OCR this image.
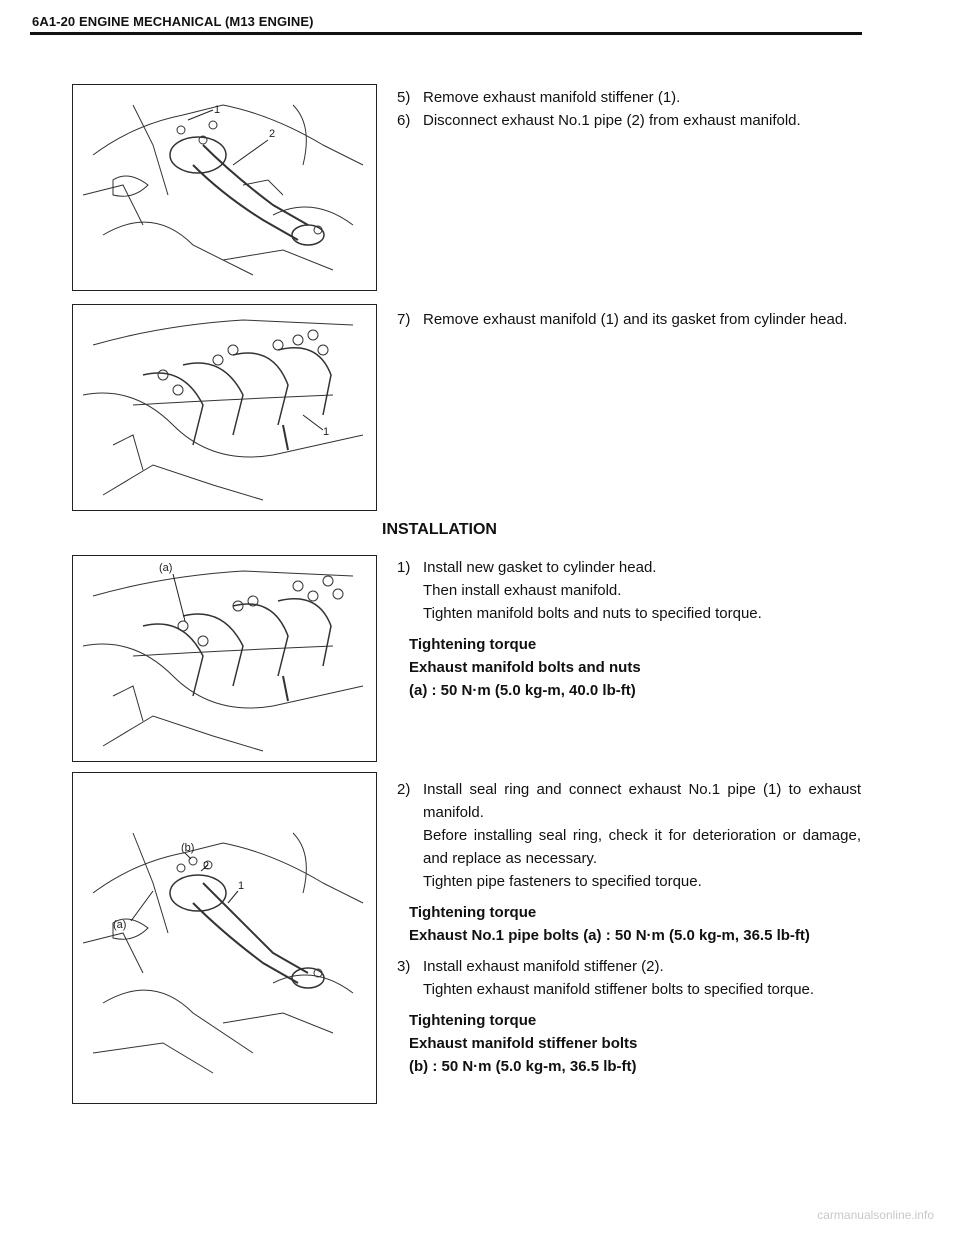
6A1-20 ENGINE MECHANICAL (M13 ENGINE)
1
2
1
(a)
(b)
2
1
(a)
5) Remove exhaust manifold stiffener (1).
6) Disconnect exhaust No.1 pipe (2) from exhaust manifold.
7) Remove exhaust manifold (1) and its gasket from cylinder head.
INSTALLATION
1) Install new gasket to cylinder head.
Then install exhaust manifold.
Tighten manifold bolts and nuts to specified torque.
Tightening torque
Exhaust manifold bolts and nuts
(a) : 50 N·m (5.0 kg-m, 40.0 lb-ft)
2) Install seal ring and connect exhaust No.1 pipe (1) to exhaust manifold.
Before installing seal ring, check it for deterioration or damage, and replace as necessary.
Tighten pipe fasteners to specified torque.
Tightening torque
Exhaust No.1 pipe bolts (a) : 50 N·m (5.0 kg-m, 36.5 lb-ft)
3) Install exhaust manifold stiffener (2).
Tighten exhaust manifold stiffener bolts to specified torque.
Tightening torque
Exhaust manifold stiffener bolts
(b) : 50 N·m (5.0 kg-m, 36.5 lb-ft)
carmanualsonline.info
